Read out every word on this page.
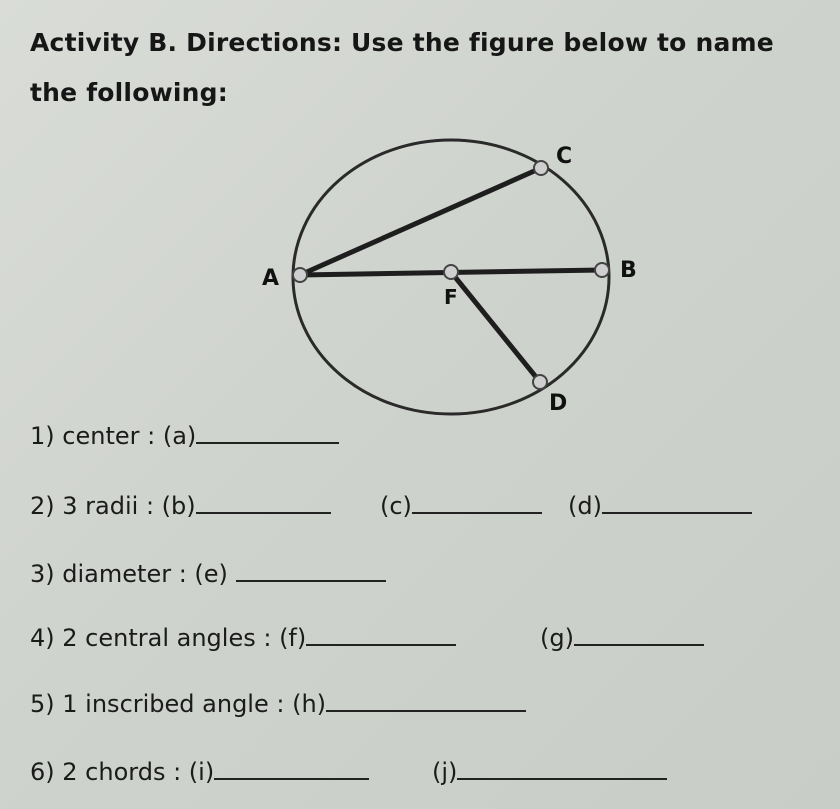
Activity B. Directions: Use the figure below to name
the following:
C
A
F
B
D
1) center : (a)
2) 3 radii : (b)	(c)	(d)
3) diameter : (e)
4) 2 central angles : (f)	(g)
5) 1 inscribed angle : (h)
6) 2 chords : (i)	(j)
